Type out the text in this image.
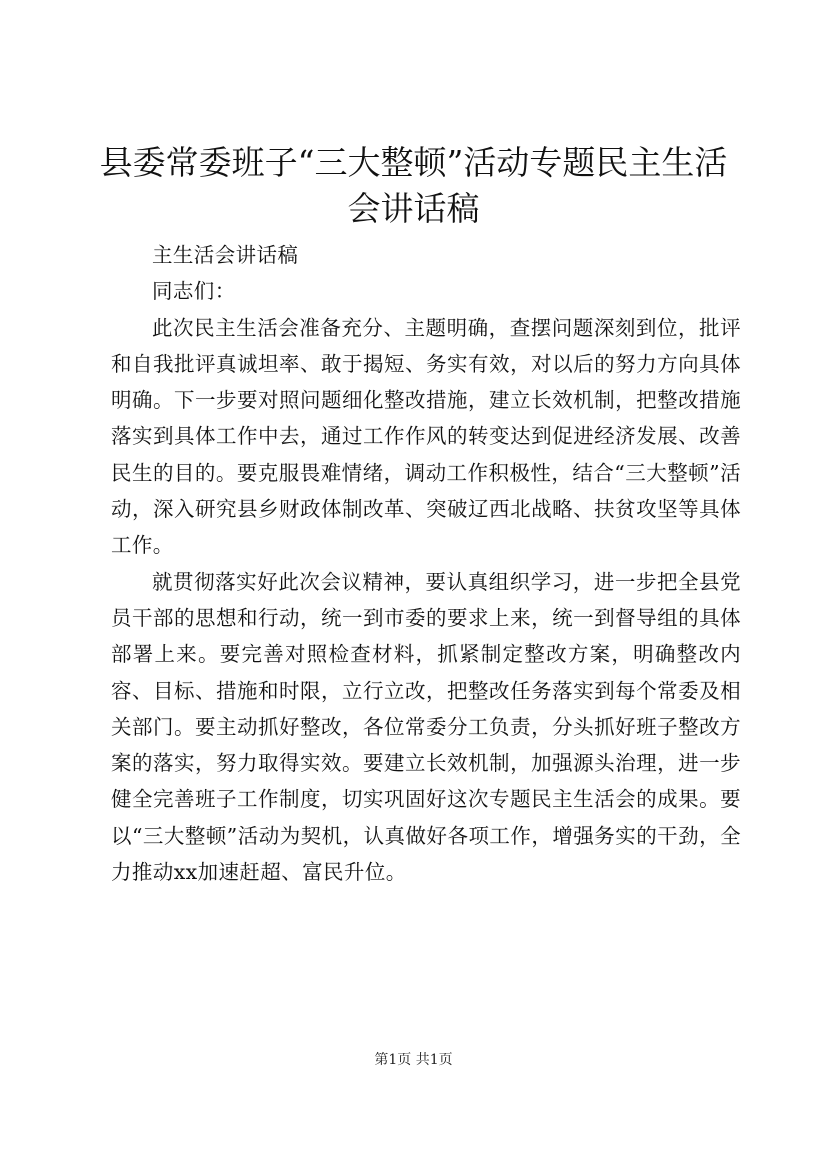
县委常委班子“三大整顿”活动专题民主生活
会讲话稿

主生活会讲话稿

同志们：

此次民主生活会准备充分、主题明确，查摆问题深刻到位，批评和自我批评真诚坦率、敢于揭短、务实有效，对以后的努力方向具体明确。下一步要对照问题细化整改措施，建立长效机制，把整改措施落实到具体工作中去，通过工作作风的转变达到促进经济发展、改善民生的目的。要克服畏难情绪，调动工作积极性，结合“三大整顿”活动，深入研究县乡财政体制改革、突破辽西北战略、扶贫攻坚等具体工作。

就贯彻落实好此次会议精神，要认真组织学习，进一步把全县党员干部的思想和行动，统一到市委的要求上来，统一到督导组的具体部署上来。要完善对照检查材料，抓紧制定整改方案，明确整改内容、目标、措施和时限，立行立改，把整改任务落实到每个常委及相关部门。要主动抓好整改，各位常委分工负责，分头抓好班子整改方案的落实，努力取得实效。要建立长效机制，加强源头治理，进一步健全完善班子工作制度，切实巩固好这次专题民主生活会的成果。要以“三大整顿”活动为契机，认真做好各项工作，增强务实的干劲，全力推动xx加速赶超、富民升位。

第1页 共1页
